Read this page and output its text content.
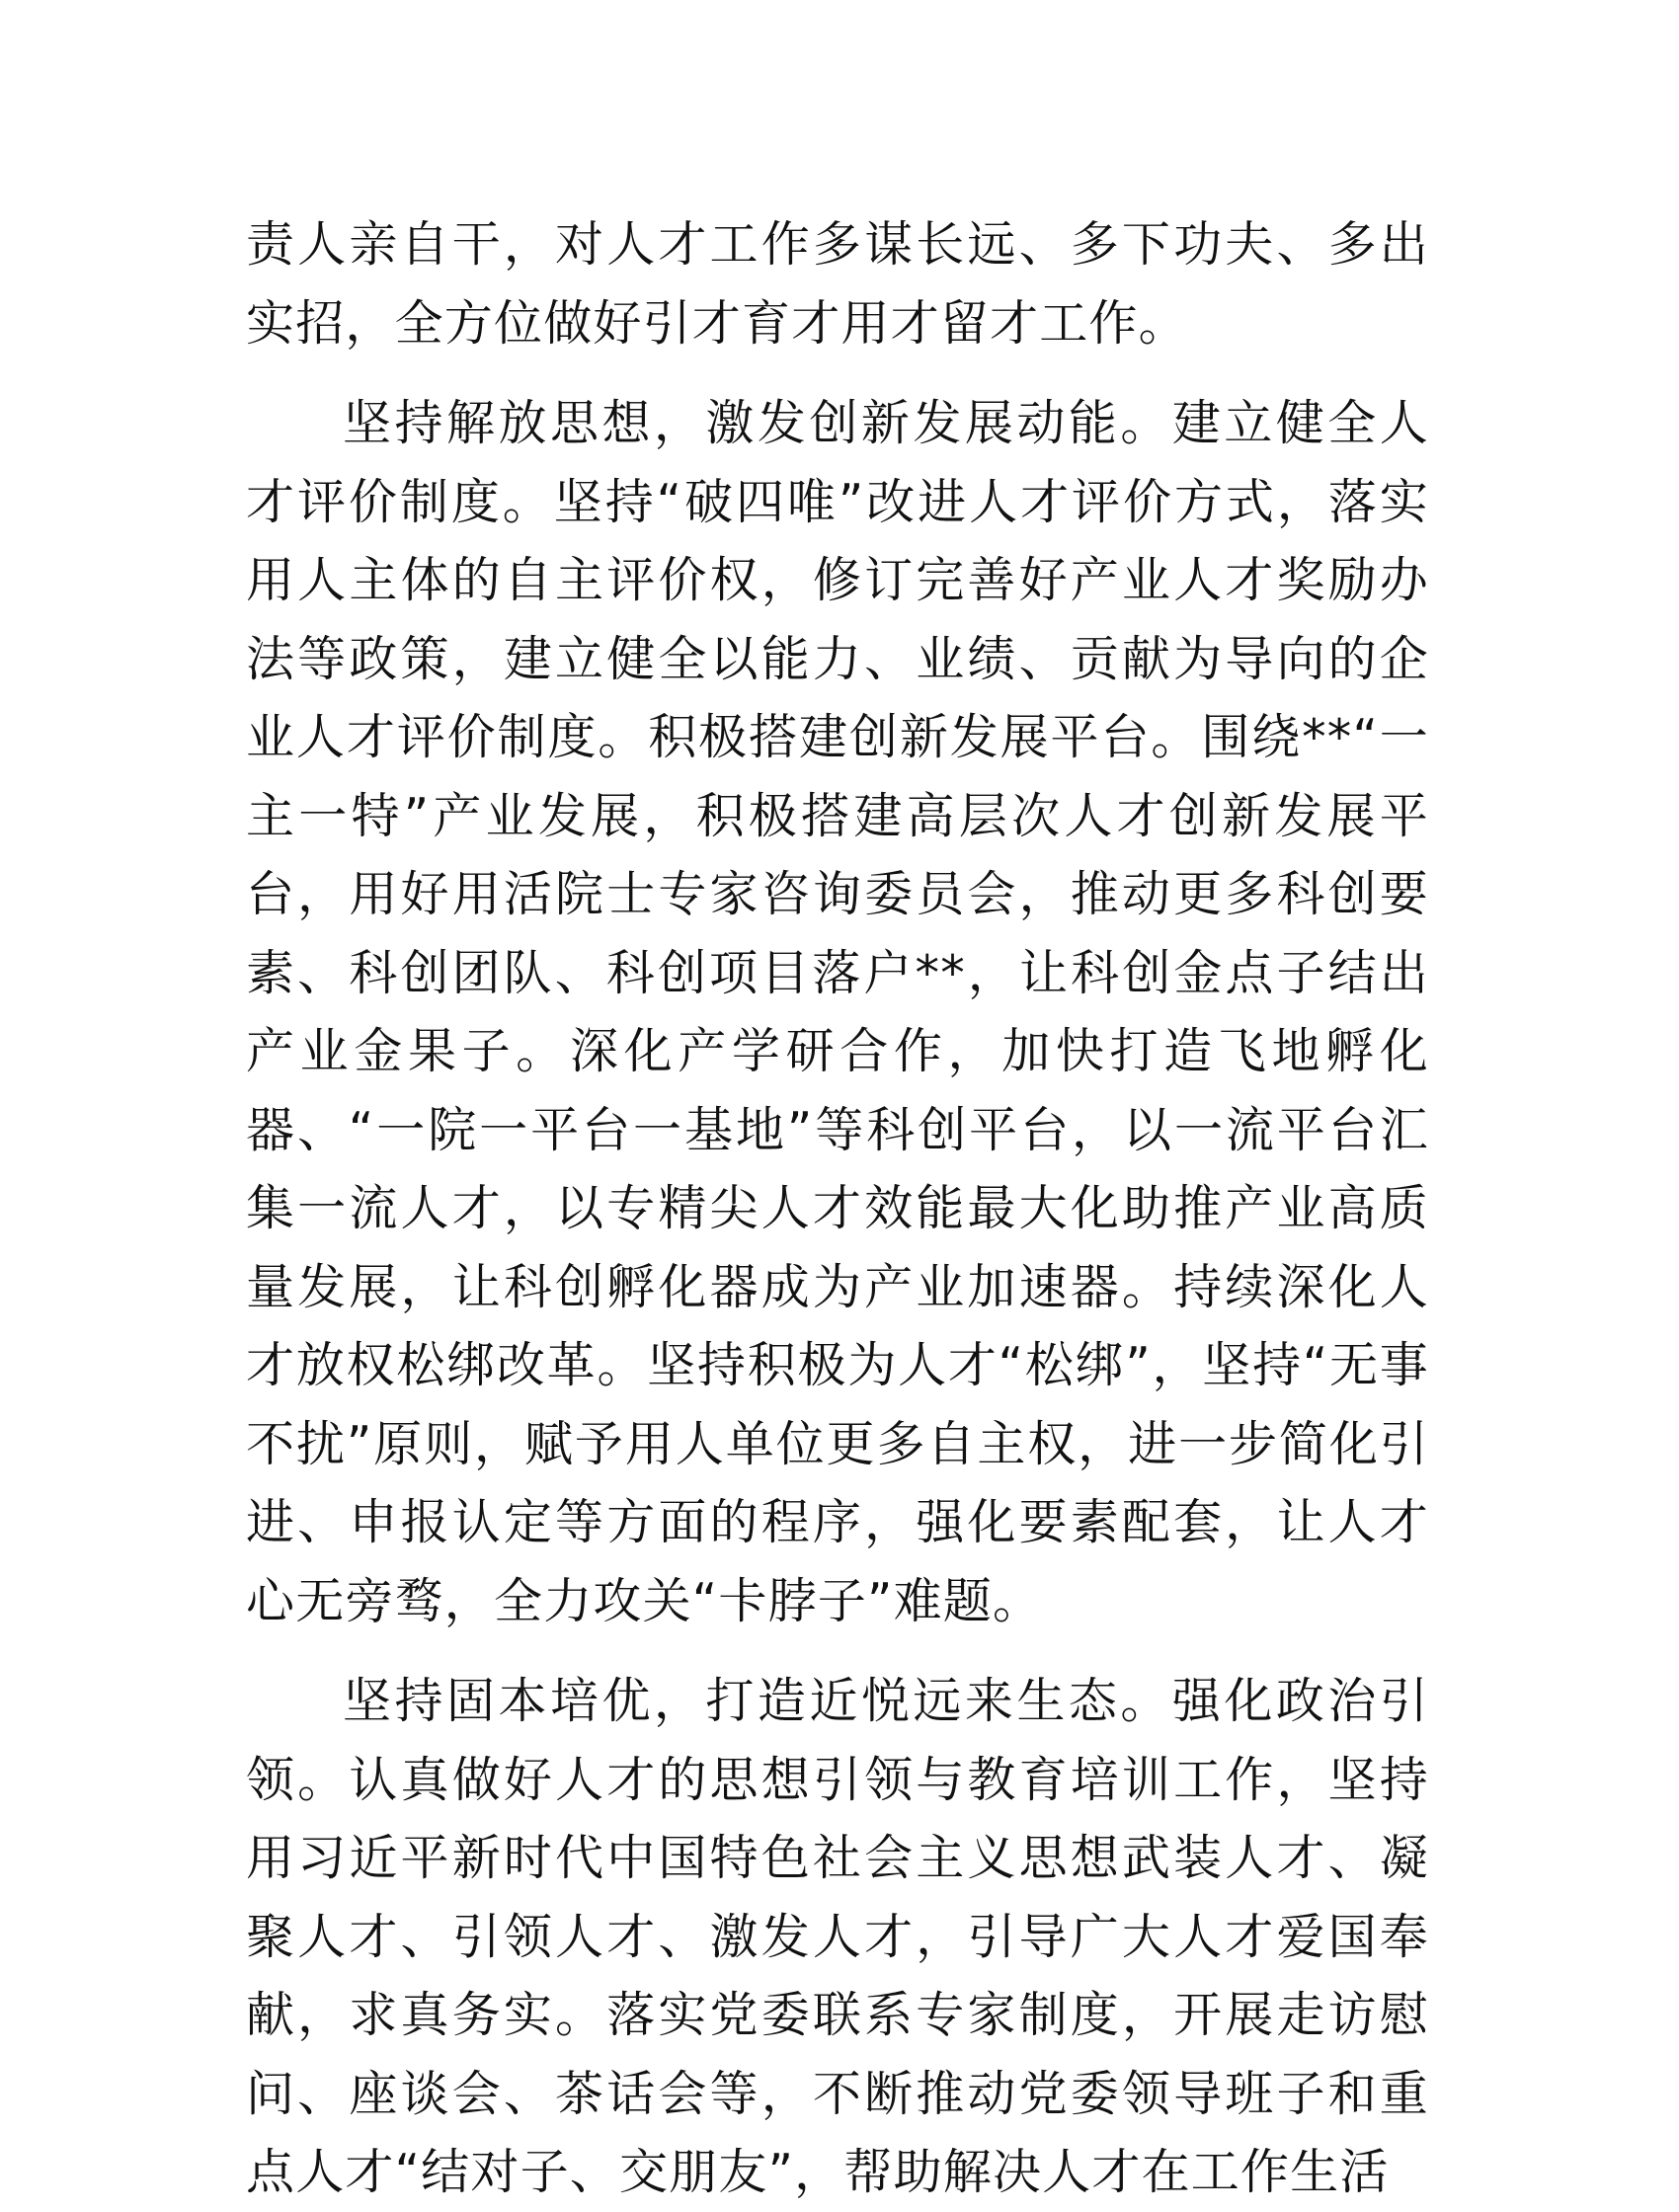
责人亲自干，对人才工作多谋长远、多下功夫、多出实招，全方位做好引才育才用才留才工作。

坚持解放思想，激发创新发展动能。建立健全人才评价制度。坚持“破四唯”改进人才评价方式，落实用人主体的自主评价权，修订完善好产业人才奖励办法等政策，建立健全以能力、业绩、贡献为导向的企业人才评价制度。积极搭建创新发展平台。围绕**“一主一特”产业发展，积极搭建高层次人才创新发展平台，用好用活院士专家咨询委员会，推动更多科创要素、科创团队、科创项目落户**，让科创金点子结出产业金果子。深化产学研合作，加快打造飞地孵化器、“一院一平台一基地”等科创平台，以一流平台汇集一流人才，以专精尖人才效能最大化助推产业高质量发展，让科创孵化器成为产业加速器。持续深化人才放权松绑改革。坚持积极为人才“松绑”，坚持“无事不扰”原则，赋予用人单位更多自主权，进一步简化引进、申报认定等方面的程序，强化要素配套，让人才心无旁骛，全力攻关“卡脖子”难题。

坚持固本培优，打造近悦远来生态。强化政治引领。认真做好人才的思想引领与教育培训工作，坚持用习近平新时代中国特色社会主义思想武装人才、凝聚人才、引领人才、激发人才，引导广大人才爱国奉献，求真务实。落实党委联系专家制度，开展走访慰问、座谈会、茶话会等，不断推动党委领导班子和重点人才“结对子、交朋友”，帮助解决人才在工作生活
